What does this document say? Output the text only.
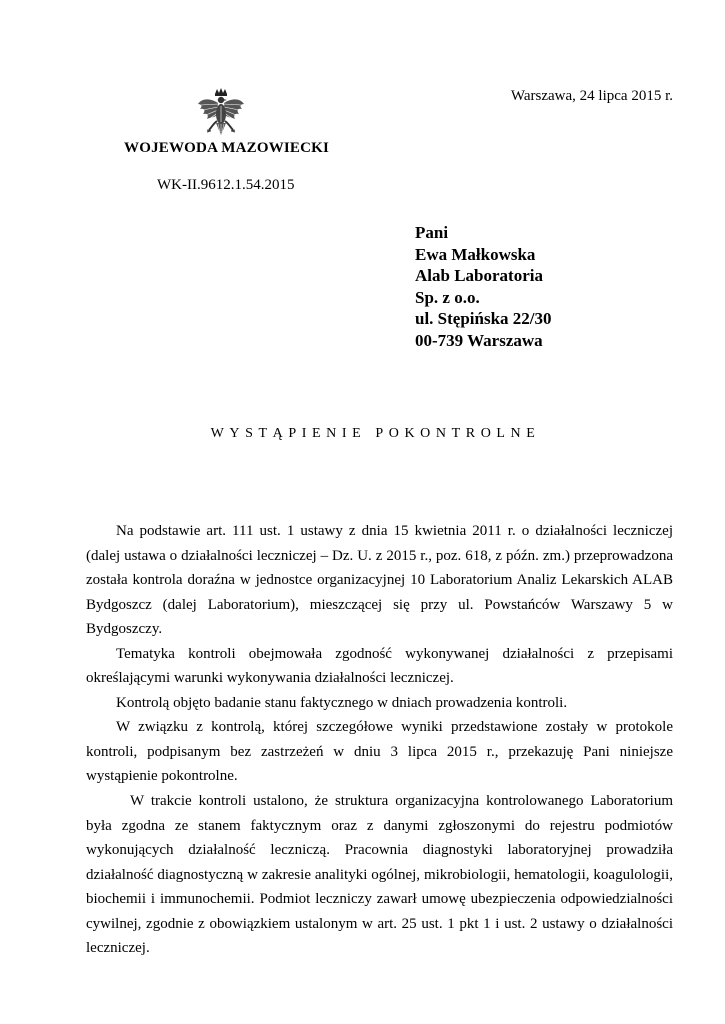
Warszawa, 24 lipca 2015 r.
WOJEWODA MAZOWIECKI
WK-II.9612.1.54.2015
Pani
Ewa Małkowska
Alab Laboratoria
Sp. z o.o.
ul. Stępińska 22/30
00-739 Warszawa
WYSTĄPIENIE POKONTROLNE

Na podstawie art. 111 ust. 1 ustawy z dnia 15 kwietnia 2011 r. o działalności leczniczej (dalej ustawa o działalności leczniczej – Dz. U. z 2015 r., poz. 618, z późn. zm.) przeprowadzona została kontrola doraźna w jednostce organizacyjnej 10 Laboratorium Analiz Lekarskich ALAB Bydgoszcz (dalej Laboratorium), mieszczącej się przy ul. Powstańców Warszawy 5 w Bydgoszczy.

Tematyka kontroli obejmowała zgodność wykonywanej działalności z przepisami określającymi warunki wykonywania działalności leczniczej.

Kontrolą objęto badanie stanu faktycznego w dniach prowadzenia kontroli.

W związku z kontrolą, której szczegółowe wyniki przedstawione zostały w protokole kontroli, podpisanym bez zastrzeżeń w dniu 3 lipca 2015 r., przekazuję Pani niniejsze wystąpienie pokontrolne.

W trakcie kontroli ustalono, że struktura organizacyjna kontrolowanego Laboratorium była zgodna ze stanem faktycznym oraz z danymi zgłoszonymi do rejestru podmiotów wykonujących działalność leczniczą. Pracownia diagnostyki laboratoryjnej prowadziła działalność diagnostyczną w zakresie analityki ogólnej, mikrobiologii, hematologii, koagulologii, biochemii i immunochemii. Podmiot leczniczy zawarł umowę ubezpieczenia odpowiedzialności cywilnej, zgodnie z obowiązkiem ustalonym w art. 25 ust. 1 pkt 1 i ust. 2 ustawy o działalności leczniczej.
